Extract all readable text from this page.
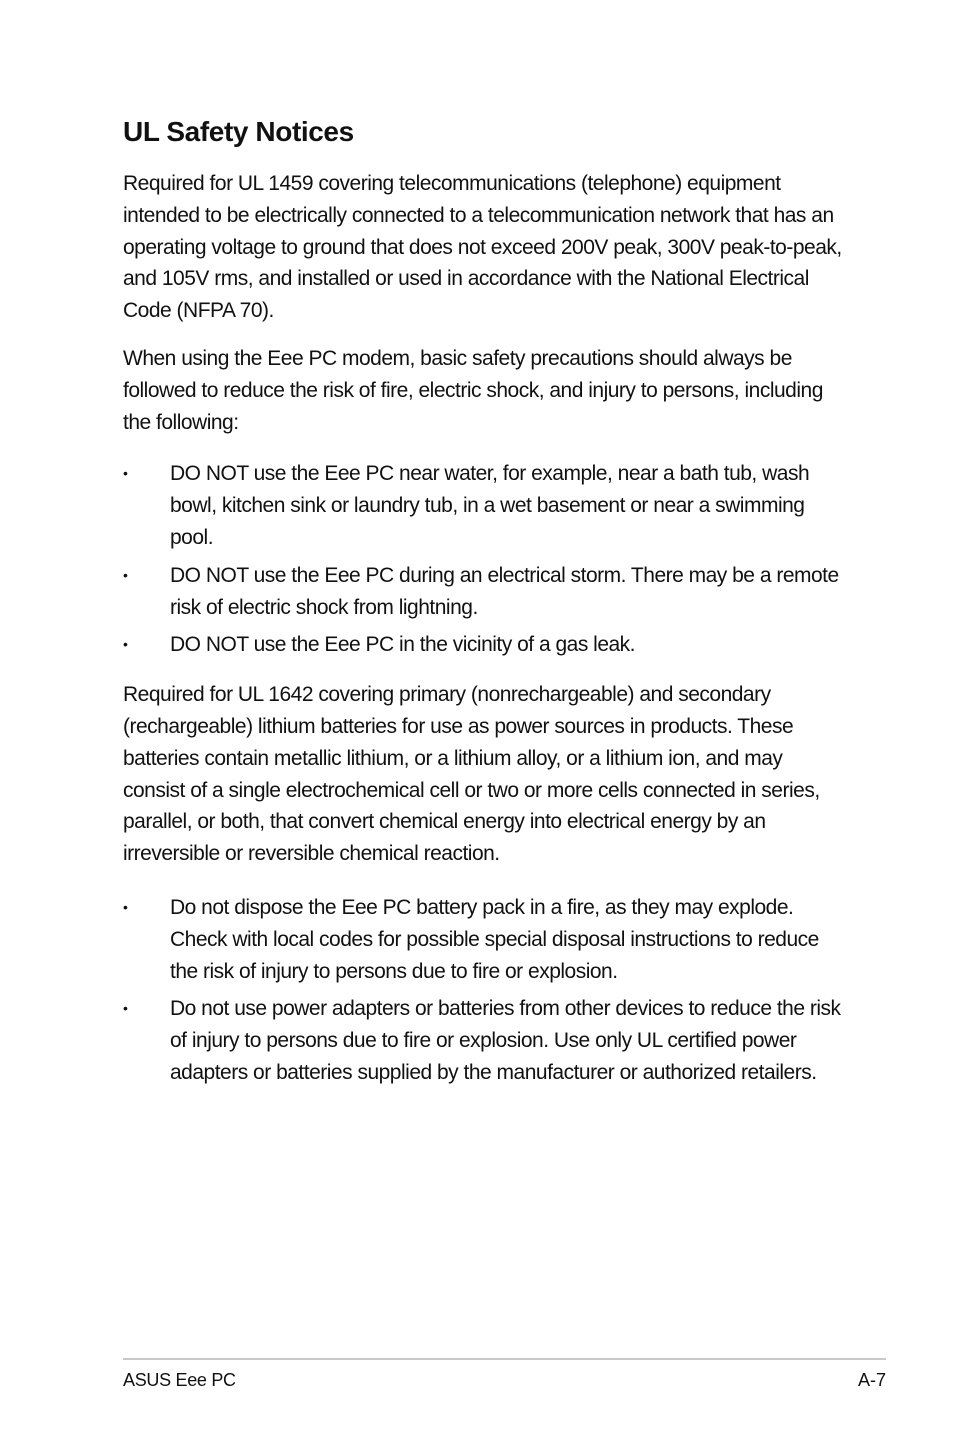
UL Safety Notices

Required for UL 1459 covering telecommunications (telephone) equipment intended to be electrically connected to a telecommunication network that has an operating voltage to ground that does not exceed 200V peak, 300V peak-to-peak, and 105V rms, and installed or used in accordance with the National Electrical Code (NFPA 70).

When using the Eee PC modem, basic safety precautions should always be followed to reduce the risk of fire, electric shock, and injury to persons, including the following:

• DO NOT use the Eee PC near water, for example, near a bath tub, wash bowl, kitchen sink or laundry tub, in a wet basement or near a swimming pool.
• DO NOT use the Eee PC during an electrical storm. There may be a remote risk of electric shock from lightning.
• DO NOT use the Eee PC in the vicinity of a gas leak.

Required for UL 1642 covering primary (nonrechargeable) and secondary (rechargeable) lithium batteries for use as power sources in products. These batteries contain metallic lithium, or a lithium alloy, or a lithium ion, and may consist of a single electrochemical cell or two or more cells connected in series, parallel, or both, that convert chemical energy into electrical energy by an irreversible or reversible chemical reaction.

• Do not dispose the Eee PC battery pack in a fire, as they may explode. Check with local codes for possible special disposal instructions to reduce the risk of injury to persons due to fire or explosion.
• Do not use power adapters or batteries from other devices to reduce the risk of injury to persons due to fire or explosion. Use only UL certified power adapters or batteries supplied by the manufacturer or authorized retailers.
ASUS Eee PC	A-7
